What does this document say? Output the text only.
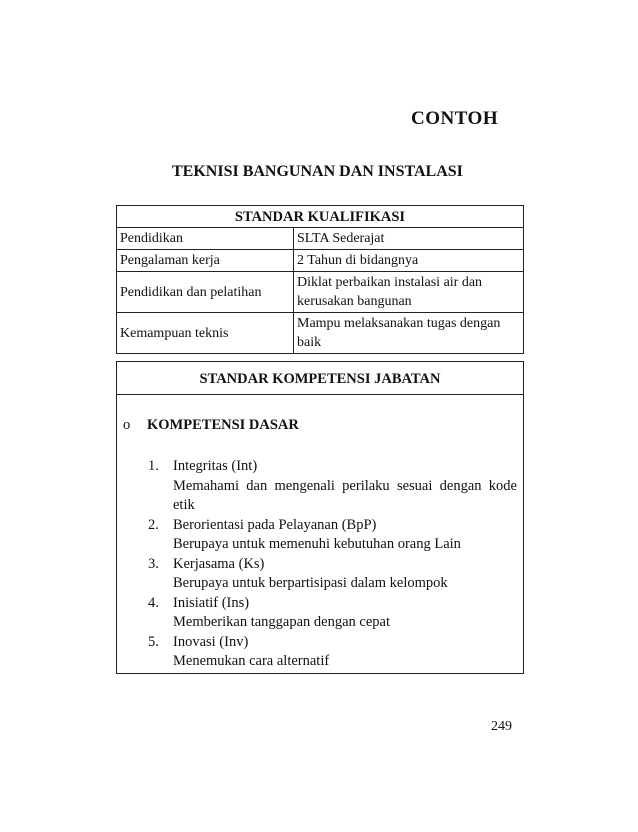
CONTOH
TEKNISI BANGUNAN DAN INSTALASI
STANDAR KUALIFIKASI	
Pendidikan	SLTA Sederajat
Pengalaman kerja	2 Tahun di bidangnya
Pendidikan dan pelatihan	Diklat perbaikan instalasi air dan kerusakan bangunan
Kemampuan teknis	Mampu melaksanakan tugas dengan baik
STANDAR KOMPETENSI JABATAN
o KOMPETENSI DASAR
1. Integritas (Int)
Memahami dan mengenali perilaku sesuai dengan kode etik
2. Berorientasi pada Pelayanan (BpP)
Berupaya untuk memenuhi kebutuhan orang Lain
3. Kerjasama (Ks)
Berupaya untuk berpartisipasi dalam kelompok
4. Inisiatif (Ins)
Memberikan tanggapan dengan cepat
5. Inovasi (Inv)
Menemukan cara alternatif
249
